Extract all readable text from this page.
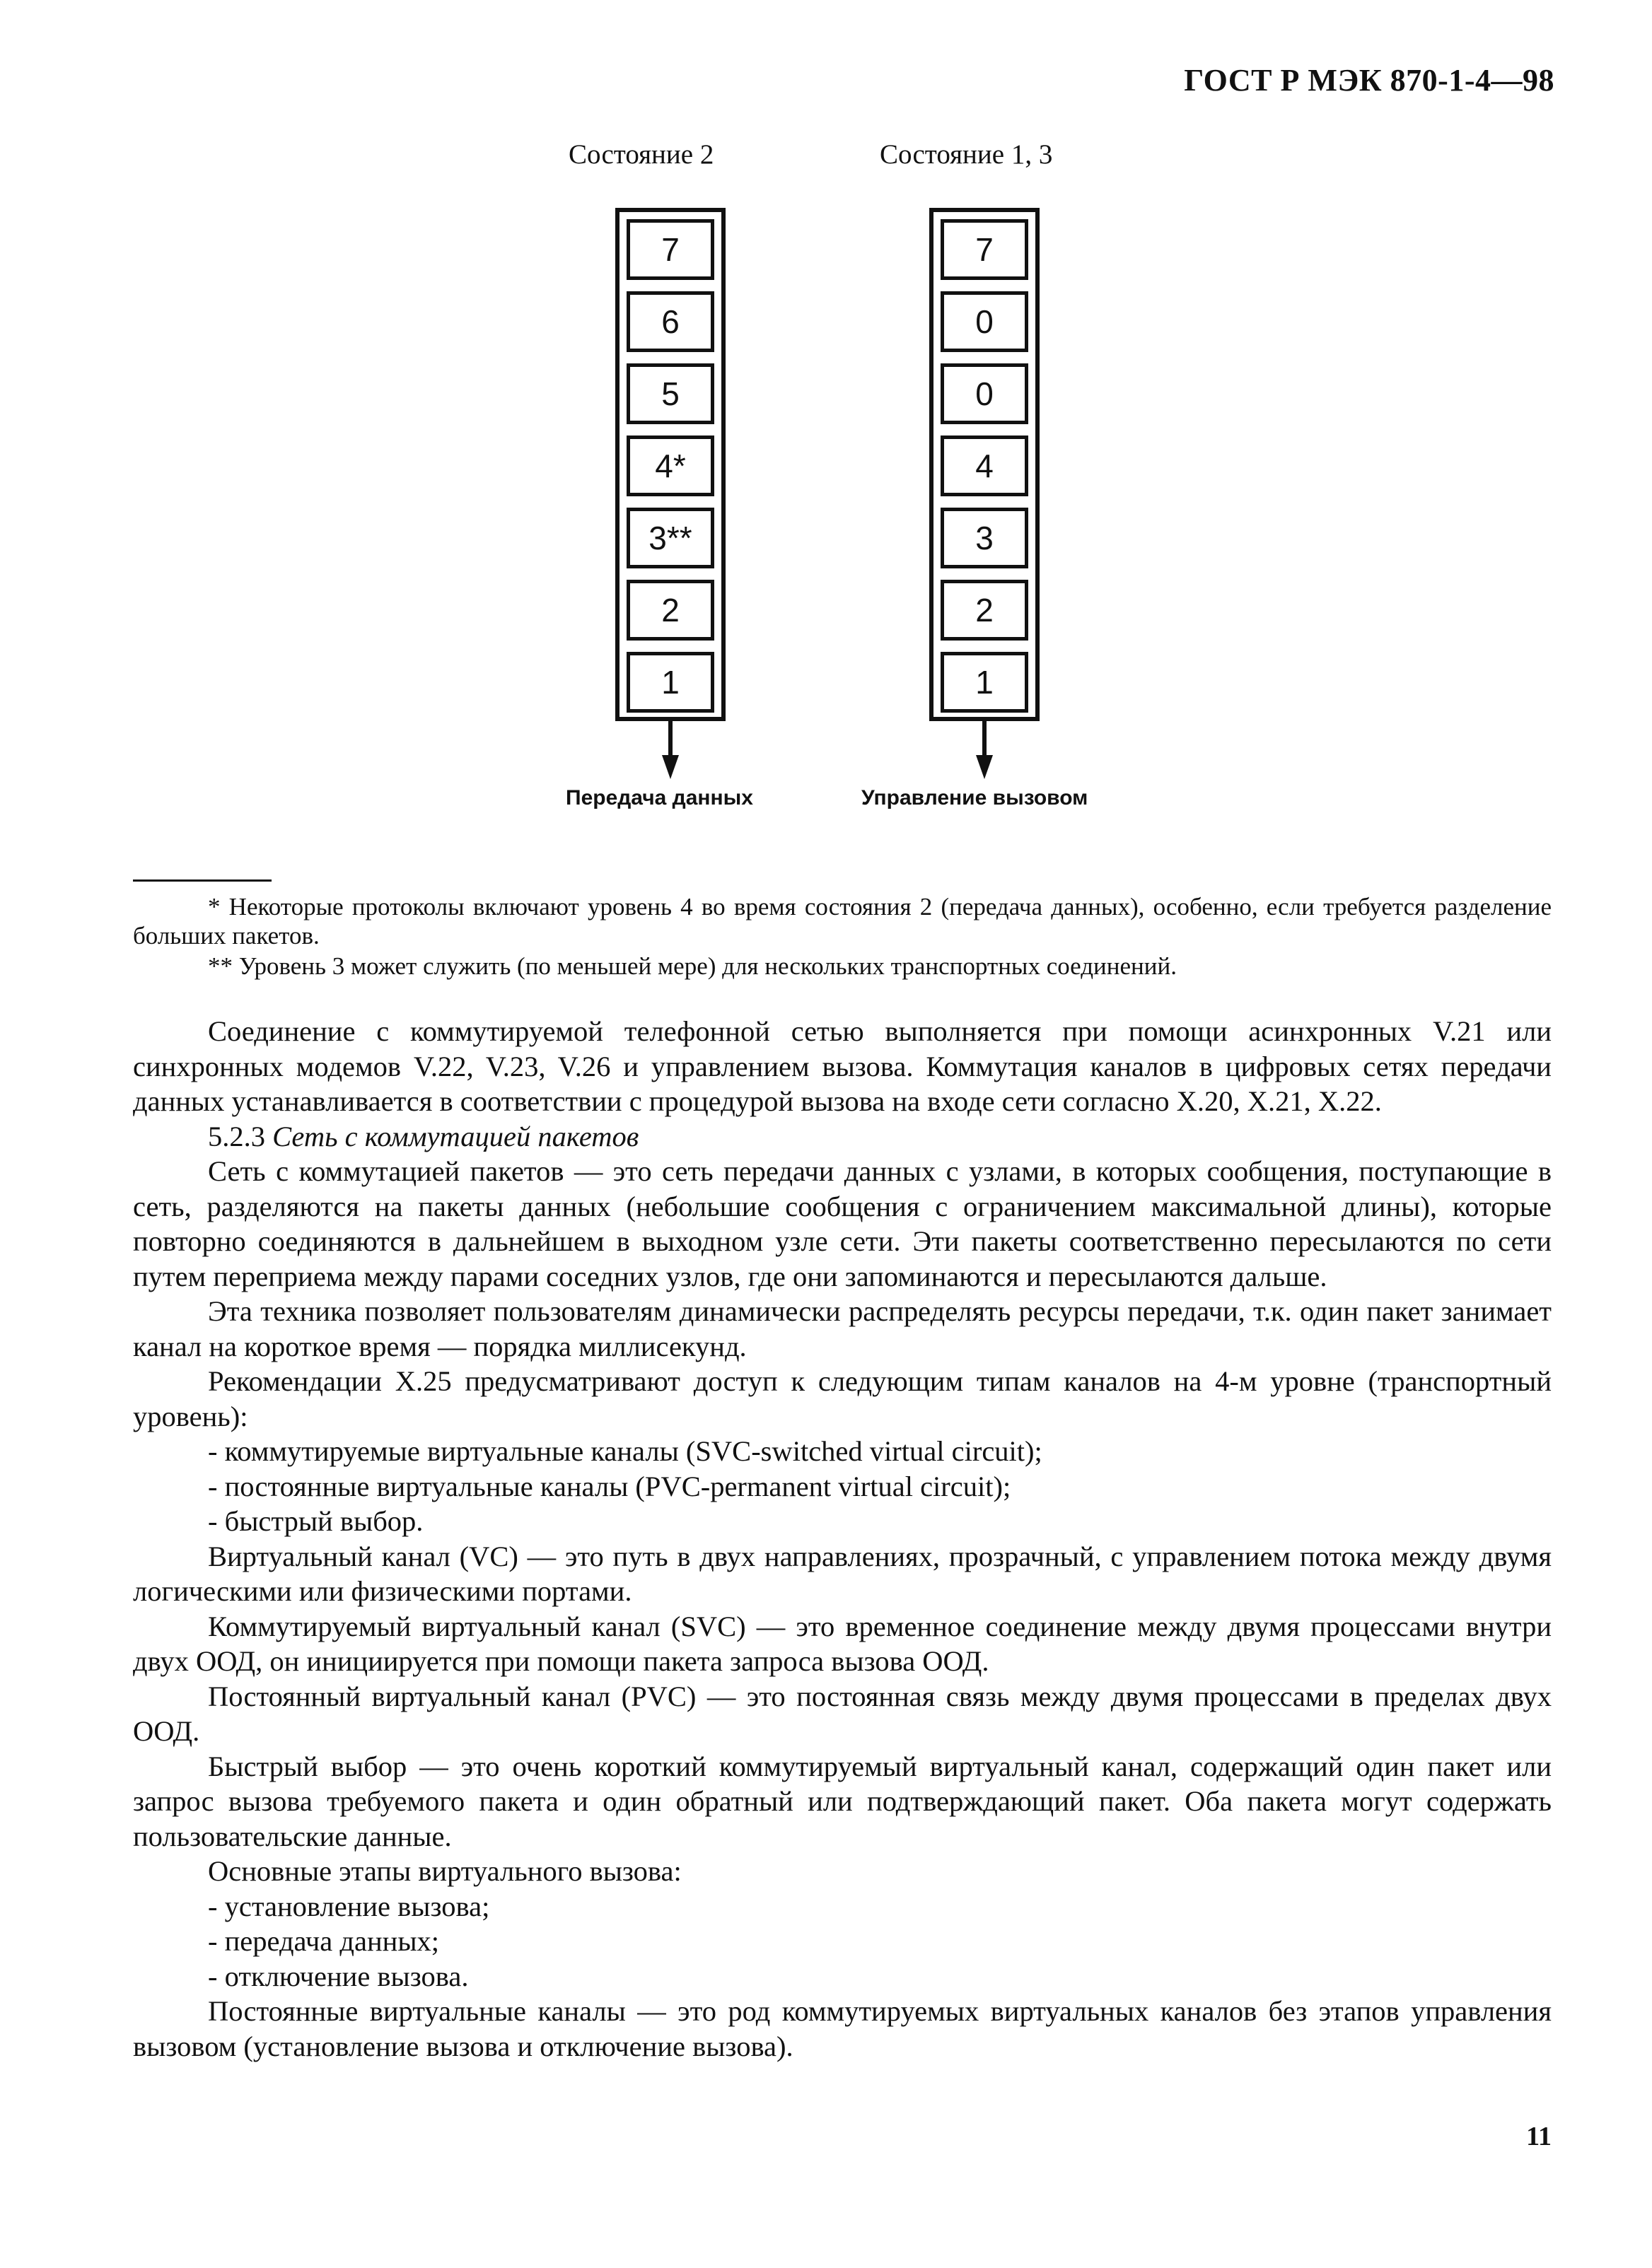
ГОСТ Р МЭК 870-1-4—98
Состояние 2
7
6
5
4*
3**
2
1
Передача данных
Состояние 1, 3
7
0
0
4
3
2
1
Управление вызовом
* Некоторые протоколы включают уровень 4 во время состояния 2 (передача данных), особенно, если требуется разделение больших пакетов.
** Уровень 3 может служить (по меньшей мере) для нескольких транспортных соединений.

Соединение с коммутируемой телефонной сетью выполняется при помощи асинхронных V.21 или синхронных модемов V.22, V.23, V.26 и управлением вызова. Коммутация каналов в цифровых сетях передачи данных устанавливается в соответствии с процедурой вызова на входе сети согласно X.20, X.21, X.22.

5.2.3 Сеть с коммутацией пакетов

Сеть с коммутацией пакетов — это сеть передачи данных с узлами, в которых сообщения, поступающие в сеть, разделяются на пакеты данных (небольшие сообщения с ограничением максимальной длины), которые повторно соединяются в дальнейшем в выходном узле сети. Эти пакеты соответственно пересылаются по сети путем переприема между парами соседних узлов, где они запоминаются и пересылаются дальше.

Эта техника позволяет пользователям динамически распределять ресурсы передачи, т.к. один пакет занимает канал на короткое время — порядка миллисекунд.

Рекомендации X.25 предусматривают доступ к следующим типам каналов на 4-м уровне (транспортный уровень):

- коммутируемые виртуальные каналы (SVC-switched virtual circuit);

- постоянные виртуальные каналы (PVC-permanent virtual circuit);

- быстрый выбор.

Виртуальный канал (VC) — это путь в двух направлениях, прозрачный, с управлением потока между двумя логическими или физическими портами.

Коммутируемый виртуальный канал (SVC) — это временное соединение между двумя процессами внутри двух ООД, он инициируется при помощи пакета запроса вызова ООД.

Постоянный виртуальный канал (PVC) — это постоянная связь между двумя процессами в пределах двух ООД.

Быстрый выбор — это очень короткий коммутируемый виртуальный канал, содержащий один пакет или запрос вызова требуемого пакета и один обратный или подтверждающий пакет. Оба пакета могут содержать пользовательские данные.

Основные этапы виртуального вызова:

- установление вызова;

- передача данных;

- отключение вызова.

Постоянные виртуальные каналы — это род коммутируемых виртуальных каналов без этапов управления вызовом (установление вызова и отключение вызова).

11
